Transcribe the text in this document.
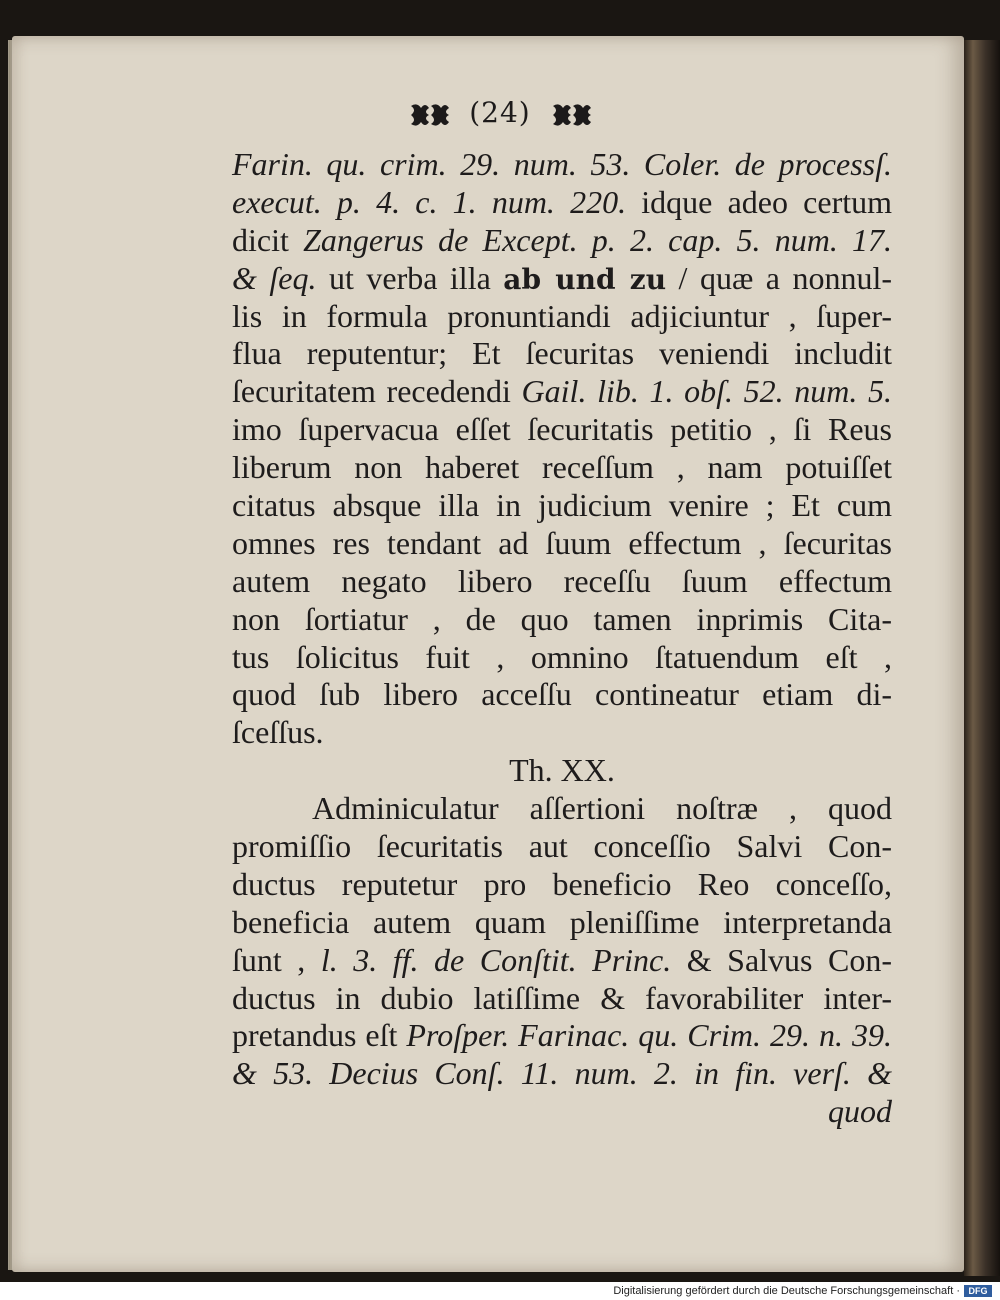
(24)
Farin. qu. crim. 29. num. 53. Coler. de processſ.
execut. p. 4. c. 1. num. 220. idque adeo certum
dicit Zangerus de Except. p. 2. cap. 5. num. 17.
& ſeq. ut verba illa ab und zu / quæ a nonnul-
lis in formula pronuntiandi adjiciuntur , ſuper-
flua reputentur; Et ſecuritas veniendi includit
ſecuritatem recedendi Gail. lib. 1. obſ. 52. num. 5.
imo ſupervacua eſſet ſecuritatis petitio , ſi Reus
liberum non haberet receſſum , nam potuiſſet
citatus absque illa in judicium venire ; Et cum
omnes res tendant ad ſuum effectum , ſecuritas
autem negato libero receſſu ſuum effectum
non ſortiatur , de quo tamen inprimis Cita-
tus ſolicitus fuit , omnino ſtatuendum eſt ,
quod ſub libero acceſſu contineatur etiam di-
ſceſſus.
Th. XX.
Adminiculatur aſſertioni noſtræ , quod
promiſſio ſecuritatis aut conceſſio Salvi Con-
ductus reputetur pro beneficio Reo conceſſo,
beneficia autem quam pleniſſime interpretanda
ſunt , l. 3. ff. de Conſtit. Princ. & Salvus Con-
ductus in dubio latiſſime & favorabiliter inter-
pretandus eſt Proſper. Farinac. qu. Crim. 29. n. 39.
& 53. Decius Conſ. 11. num. 2. in fin. verſ. &
quod
Digitalisierung gefördert durch die Deutsche Forschungsgemeinschaft · DFG
